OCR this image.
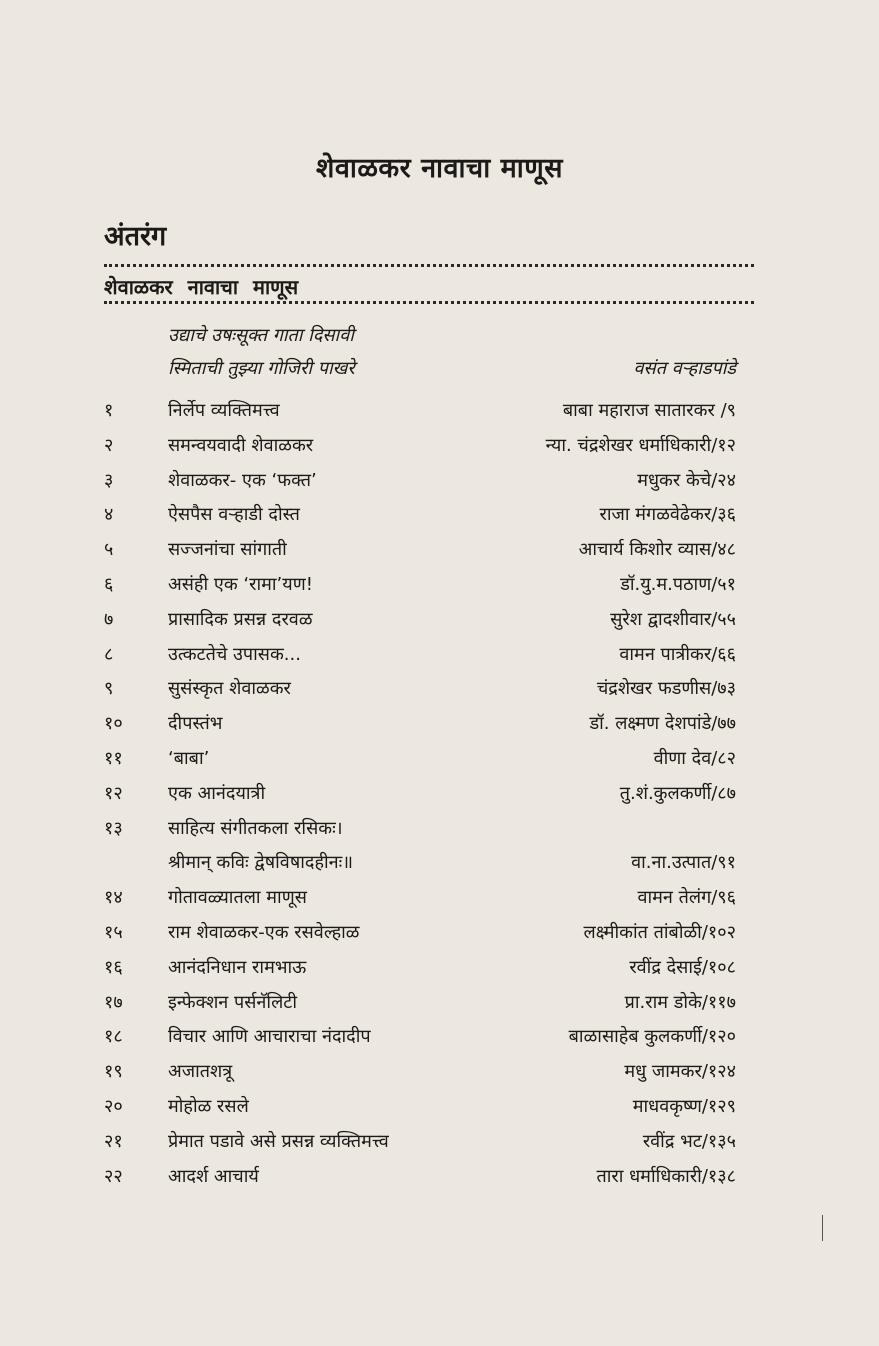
शेवाळकर नावाचा माणूस
अंतरंग
शेवाळकर नावाचा माणूस
उद्याचे उषःसूक्त गाता दिसावी
स्मिताची तुझ्या गोजिरी पाखरे	वसंत वऱ्हाडपांडे
१	निर्लेप व्यक्तिमत्त्व	बाबा महाराज सातारकर /९
२	समन्वयवादी शेवाळकर	न्या. चंद्रशेखर धर्माधिकारी/१२
३	शेवाळकर- एक ‘फक्त’	मधुकर केचे/२४
४	ऐसपैस वऱ्हाडी दोस्त	राजा मंगळवेढेकर/३६
५	सज्जनांचा सांगाती	आचार्य किशोर व्यास/४८
६	असंही एक ‘रामा’यण!	डॉ.यु.म.पठाण/५१
७	प्रासादिक प्रसन्न दरवळ	सुरेश द्वादशीवार/५५
८	उत्कटतेचे उपासक...	वामन पात्रीकर/६६
९	सुसंस्कृत शेवाळकर	चंद्रशेखर फडणीस/७३
१०	दीपस्तंभ	डॉ. लक्ष्मण देशपांडे/७७
११	‘बाबा’	वीणा देव/८२
१२	एक आनंदयात्री	तु.शं.कुलकर्णी/८७
१३	साहित्य संगीतकला रसिकः।
श्रीमान् कविः द्वेषविषादहीनः॥	वा.ना.उत्पात/९१
१४	गोतावळ्यातला माणूस	वामन तेलंग/९६
१५	राम शेवाळकर-एक रसवेल्हाळ	लक्ष्मीकांत तांबोळी/१०२
१६	आनंदनिधान रामभाऊ	रवींद्र देसाई/१०८
१७	इन्फेक्शन पर्सनॅलिटी	प्रा.राम डोके/११७
१८	विचार आणि आचाराचा नंदादीप	बाळासाहेब कुलकर्णी/१२०
१९	अजातशत्रू	मधु जामकर/१२४
२०	मोहोळ रसले	माधवकृष्ण/१२९
२१	प्रेमात पडावे असे प्रसन्न व्यक्तिमत्त्व	रवींद्र भट/१३५
२२	आदर्श आचार्य	तारा धर्माधिकारी/१३८
